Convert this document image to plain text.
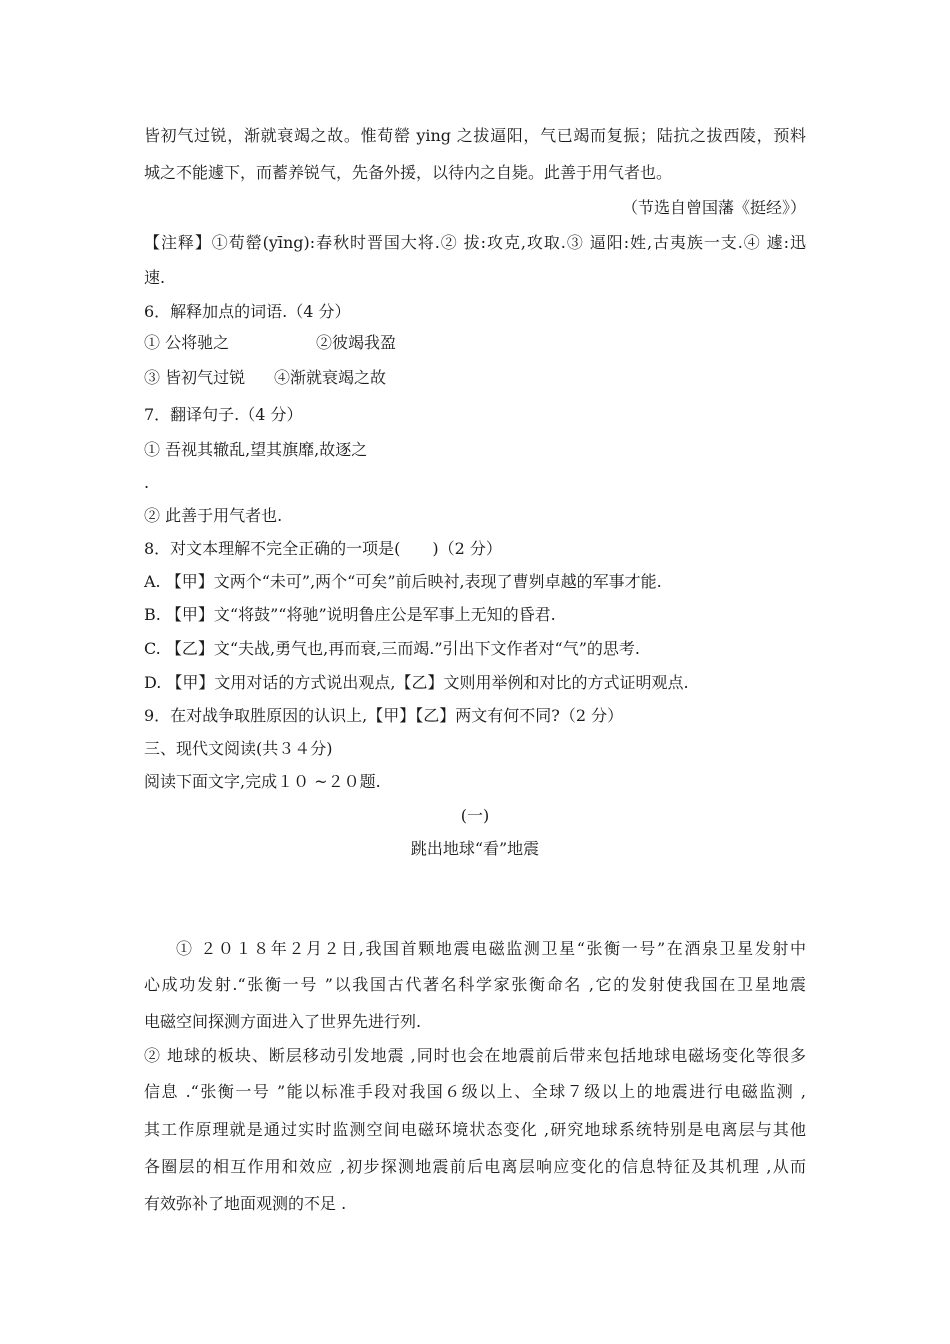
皆初气过锐，渐就衰竭之故。惟荀罃 ying 之拔逼阳，气已竭而复振；陆抗之拔西陵，预料
城之不能遽下，而蓄养锐气，先备外援，以待内之自毙。此善于用气者也。
（节选自曾国藩《挺经》）
【注释】①荀罃(yīng):春秋时晋国大将.② 拔:攻克,攻取.③ 逼阳:姓,古夷族一支.④ 遽:迅
速.
6．解释加点的词语.（4 分）
① 公将驰之	②彼竭我盈
③ 皆初气过锐	④渐就衰竭之故
7．翻译句子.（4 分）
① 吾视其辙乱,望其旗靡,故逐之
.
② 此善于用气者也.
8．对文本理解不完全正确的一项是(　　)（2 分）
A. 【甲】文两个“未可”,两个“可矣”前后映衬,表现了曹刿卓越的军事才能.
B. 【甲】文“将鼓”“将驰”说明鲁庄公是军事上无知的昏君.
C. 【乙】文“夫战,勇气也,再而衰,三而竭.”引出下文作者对“气”的思考.
D. 【甲】文用对话的方式说出观点,【乙】文则用举例和对比的方式证明观点.
9．在对战争取胜原因的认识上,【甲】【乙】两文有何不同?（2 分）
三、现代文阅读(共３４分)
阅读下面文字,完成１０ ~２０题.
(一)
跳出地球“看”地震
① ２０１８年２月２日,我国首颗地震电磁监测卫星“张衡一号”在酒泉卫星发射中
心成功发射.“张衡一号 ”以我国古代著名科学家张衡命名 ,它的发射使我国在卫星地震
电磁空间探测方面进入了世界先进行列.
② 地球的板块、断层移动引发地震 ,同时也会在地震前后带来包括地球电磁场变化等很多
信息 .“张衡一号 ”能以标准手段对我国６级以上、全球７级以上的地震进行电磁监测 ,
其工作原理就是通过实时监测空间电磁环境状态变化 ,研究地球系统特别是电离层与其他
各圈层的相互作用和效应 ,初步探测地震前后电离层响应变化的信息特征及其机理 ,从而
有效弥补了地面观测的不足 .
